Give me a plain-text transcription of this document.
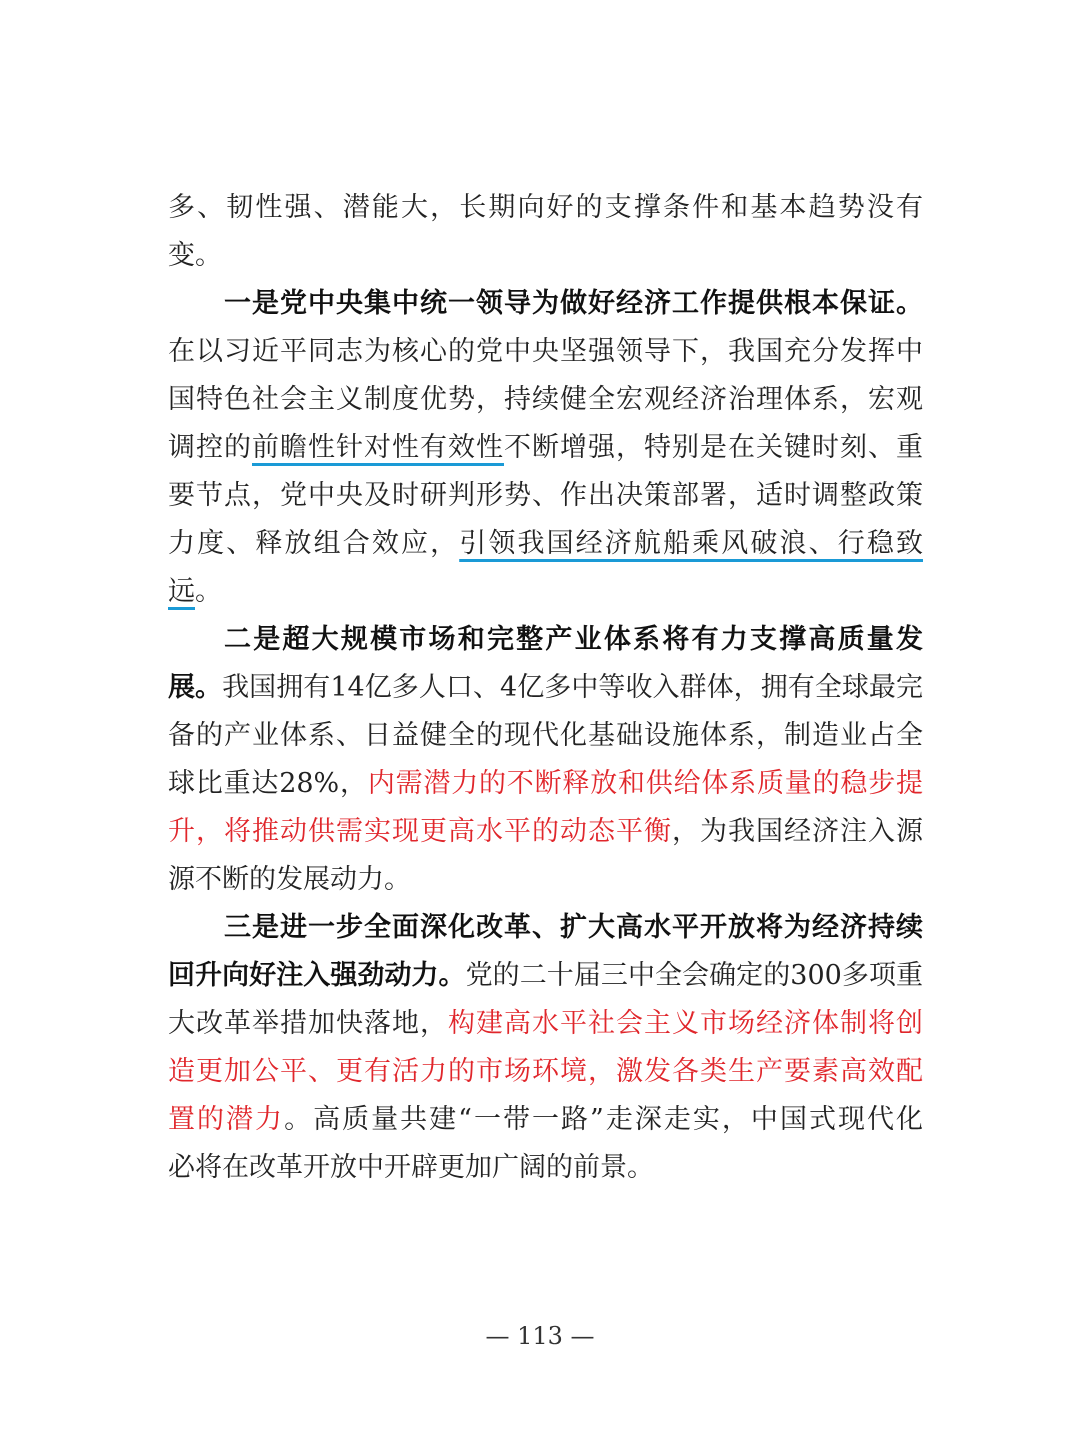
多、韧性强、潜能大，长期向好的支撑条件和基本趋势没有
变。
一是党中央集中统一领导为做好经济工作提供根本保证。
在以习近平同志为核心的党中央坚强领导下，我国充分发挥中
国特色社会主义制度优势，持续健全宏观经济治理体系，宏观
调控的前瞻性针对性有效性不断增强，特别是在关键时刻、重
要节点，党中央及时研判形势、作出决策部署，适时调整政策
力度、释放组合效应，引领我国经济航船乘风破浪、行稳致
远。
二是超大规模市场和完整产业体系将有力支撑高质量发
展。我国拥有14亿多人口、4亿多中等收入群体，拥有全球最完
备的产业体系、日益健全的现代化基础设施体系，制造业占全
球比重达28%，内需潜力的不断释放和供给体系质量的稳步提
升，将推动供需实现更高水平的动态平衡，为我国经济注入源
源不断的发展动力。
三是进一步全面深化改革、扩大高水平开放将为经济持续
回升向好注入强劲动力。党的二十届三中全会确定的300多项重
大改革举措加快落地，构建高水平社会主义市场经济体制将创
造更加公平、更有活力的市场环境，激发各类生产要素高效配
置的潜力。高质量共建“一带一路”走深走实，中国式现代化
必将在改革开放中开辟更加广阔的前景。
— 113 —
